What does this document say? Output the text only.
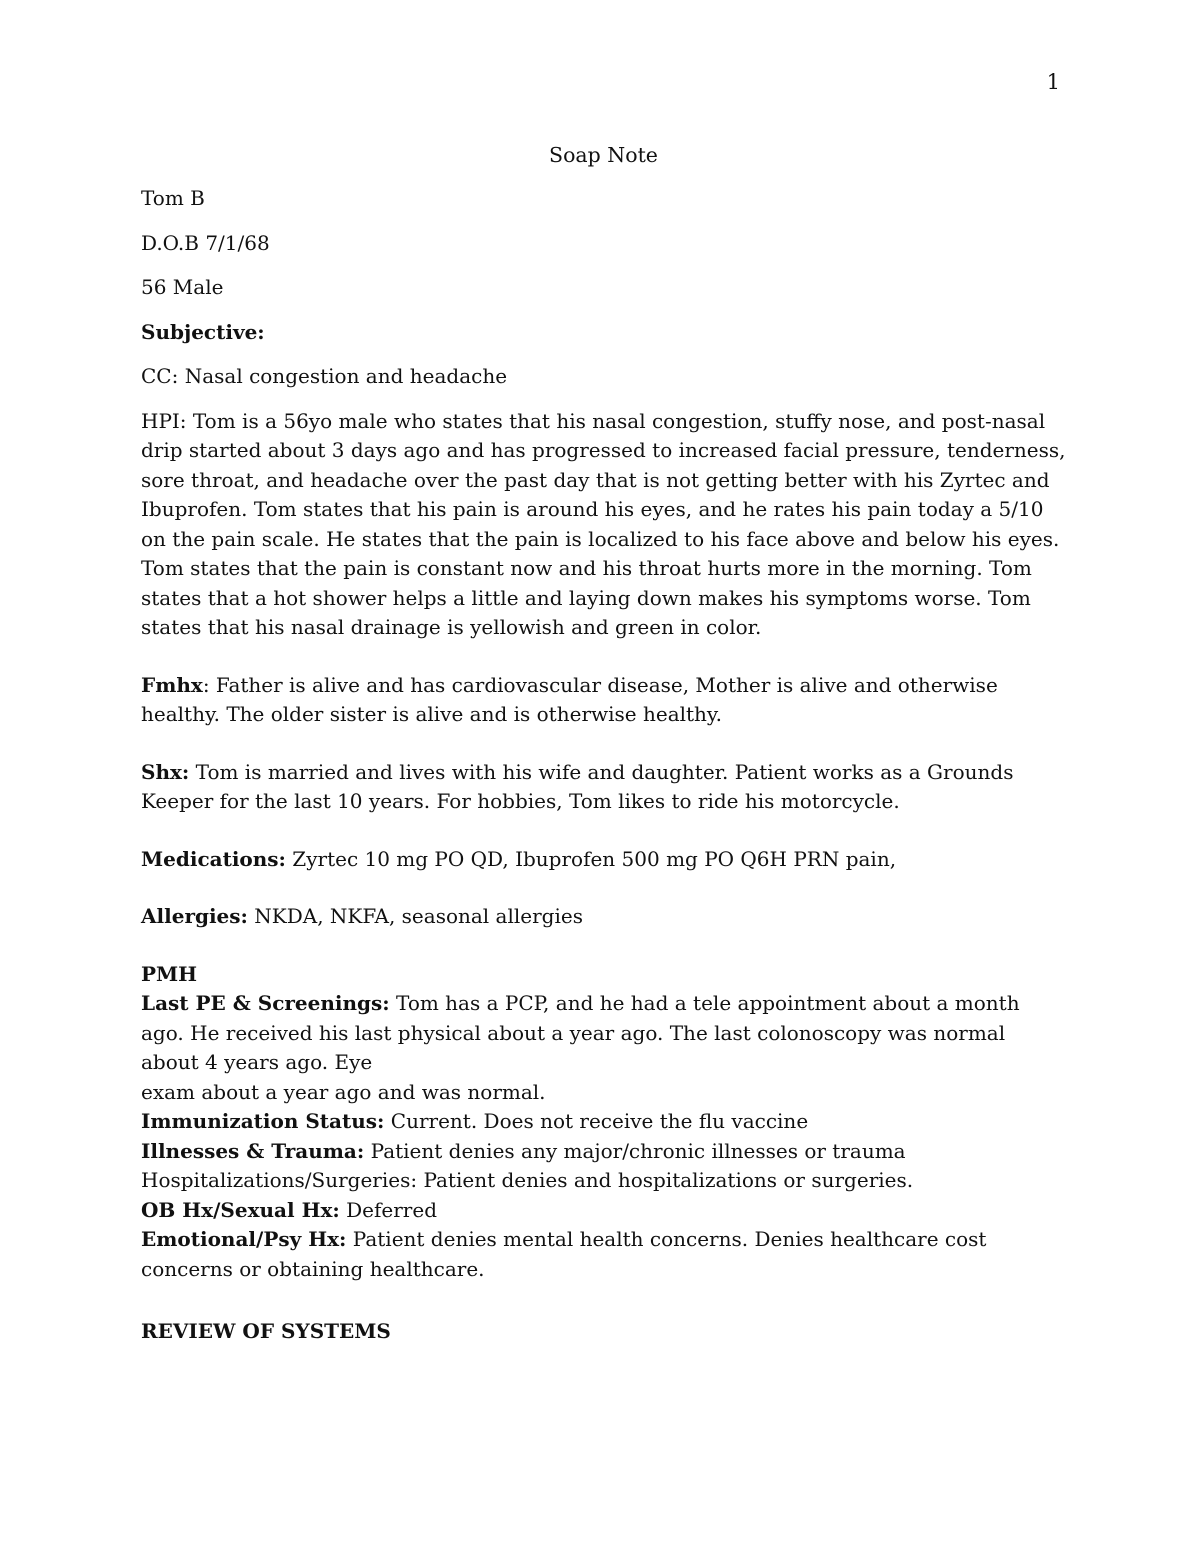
1

Soap Note

Tom B

D.O.B 7/1/68

56 Male

Subjective:

CC: Nasal congestion and headache

HPI: Tom is a 56yo male who states that his nasal congestion, stuffy nose, and post-nasal drip started about 3 days ago and has progressed to increased facial pressure, tenderness, sore throat, and headache over the past day that is not getting better with his Zyrtec and Ibuprofen. Tom states that his pain is around his eyes, and he rates his pain today a 5/10 on the pain scale. He states that the pain is localized to his face above and below his eyes. Tom states that the pain is constant now and his throat hurts more in the morning. Tom states that a hot shower helps a little and laying down makes his symptoms worse. Tom states that his nasal drainage is yellowish and green in color.

Fmhx: Father is alive and has cardiovascular disease, Mother is alive and otherwise healthy. The older sister is alive and is otherwise healthy.

Shx: Tom is married and lives with his wife and daughter. Patient works as a Grounds Keeper for the last 10 years. For hobbies, Tom likes to ride his motorcycle.

Medications: Zyrtec 10 mg PO QD, Ibuprofen 500 mg PO Q6H PRN pain,

Allergies: NKDA, NKFA, seasonal allergies

PMH

Last PE & Screenings: Tom has a PCP, and he had a tele appointment about a month ago. He received his last physical about a year ago. The last colonoscopy was normal about 4 years ago. Eye

exam about a year ago and was normal.

Immunization Status: Current. Does not receive the flu vaccine

Illnesses & Trauma: Patient denies any major/chronic illnesses or trauma

Hospitalizations/Surgeries: Patient denies and hospitalizations or surgeries.

OB Hx/Sexual Hx: Deferred

Emotional/Psy Hx: Patient denies mental health concerns. Denies healthcare cost

concerns or obtaining healthcare.

REVIEW OF SYSTEMS
